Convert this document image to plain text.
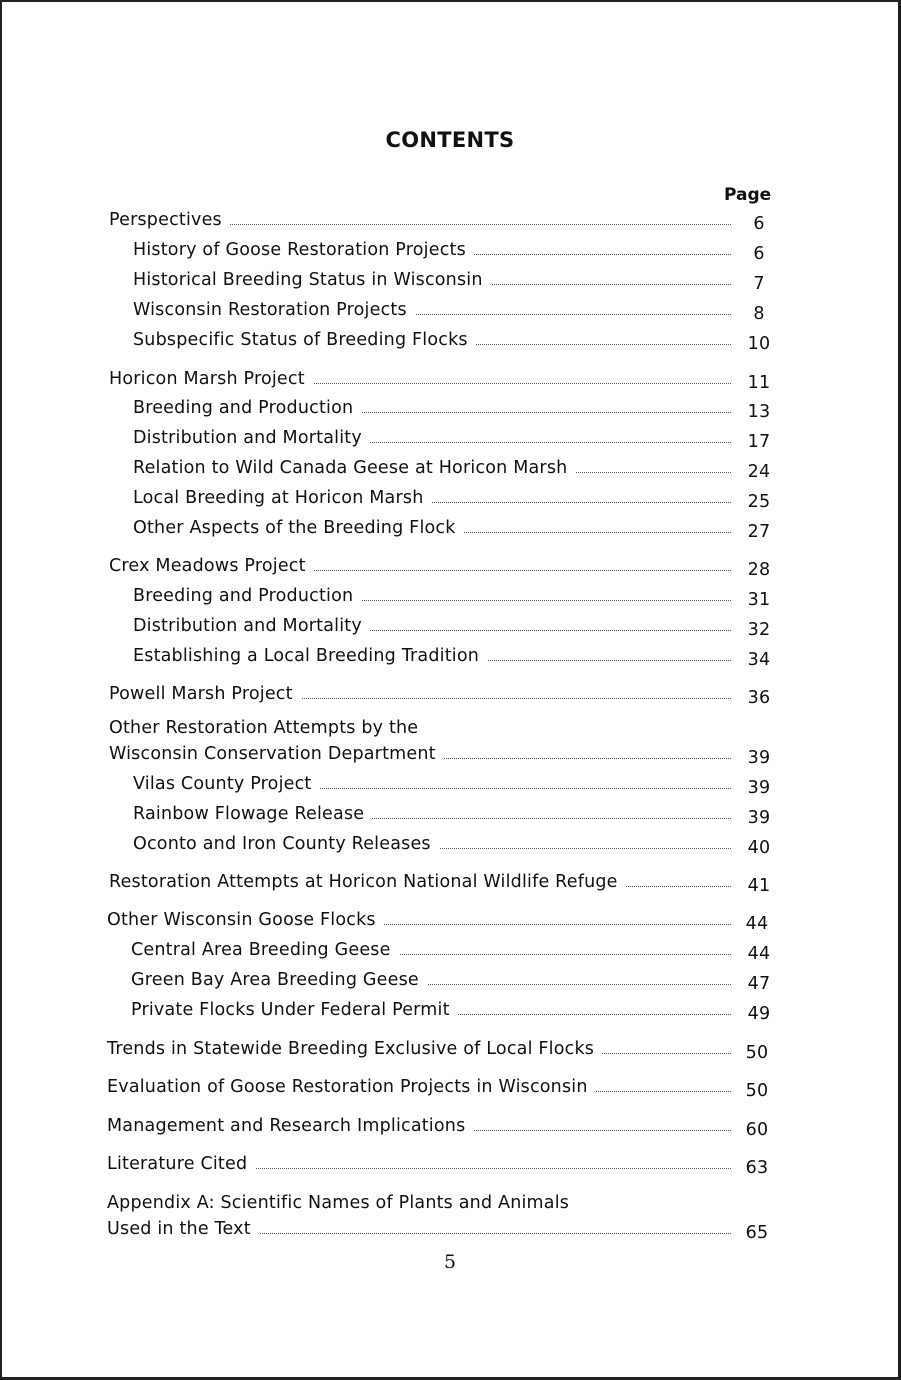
CONTENTS
Page
Perspectives	6
History of Goose Restoration Projects	6
Historical Breeding Status in Wisconsin	7
Wisconsin Restoration Projects	8
Subspecific Status of Breeding Flocks	10
Horicon Marsh Project	11
Breeding and Production	13
Distribution and Mortality	17
Relation to Wild Canada Geese at Horicon Marsh	24
Local Breeding at Horicon Marsh	25
Other Aspects of the Breeding Flock	27
Crex Meadows Project	28
Breeding and Production	31
Distribution and Mortality	32
Establishing a Local Breeding Tradition	34
Powell Marsh Project	36
Other Restoration Attempts by the
Wisconsin Conservation Department	39
Vilas County Project	39
Rainbow Flowage Release	39
Oconto and Iron County Releases	40
Restoration Attempts at Horicon National Wildlife Refuge	41
Other Wisconsin Goose Flocks	44
Central Area Breeding Geese	44
Green Bay Area Breeding Geese	47
Private Flocks Under Federal Permit	49
Trends in Statewide Breeding Exclusive of Local Flocks	50
Evaluation of Goose Restoration Projects in Wisconsin	50
Management and Research Implications	60
Literature Cited	63
Appendix A: Scientific Names of Plants and Animals
Used in the Text	65
5
